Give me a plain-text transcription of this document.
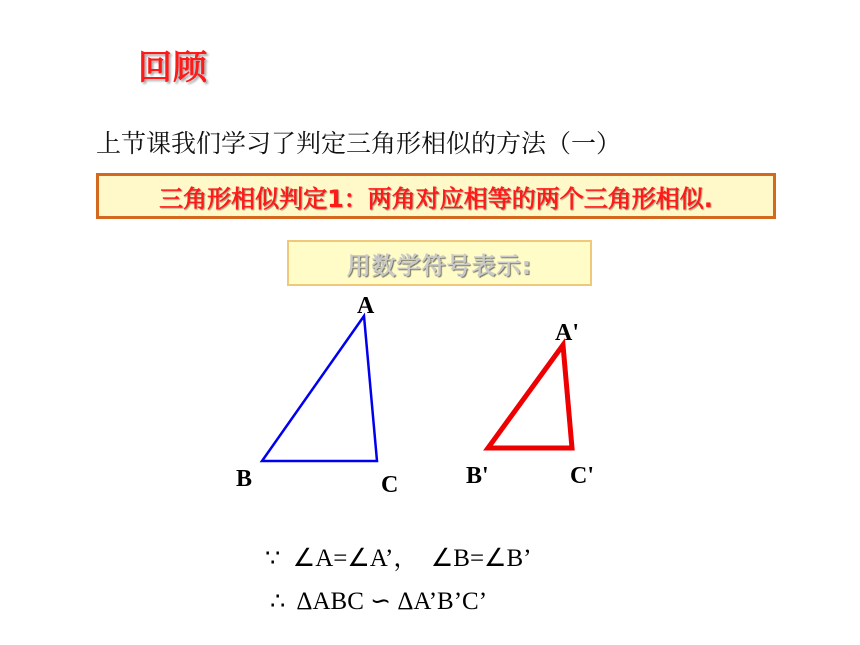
回顾
上节课我们学习了判定三角形相似的方法（一）
三角形相似判定1：两角对应相等的两个三角形相似.
用数学符号表示:
A
B	C
A'
B'	C'
∵ ∠A=∠A’，  ∠B=∠B’
∴ ΔABC ∽ ΔA’B’C’
